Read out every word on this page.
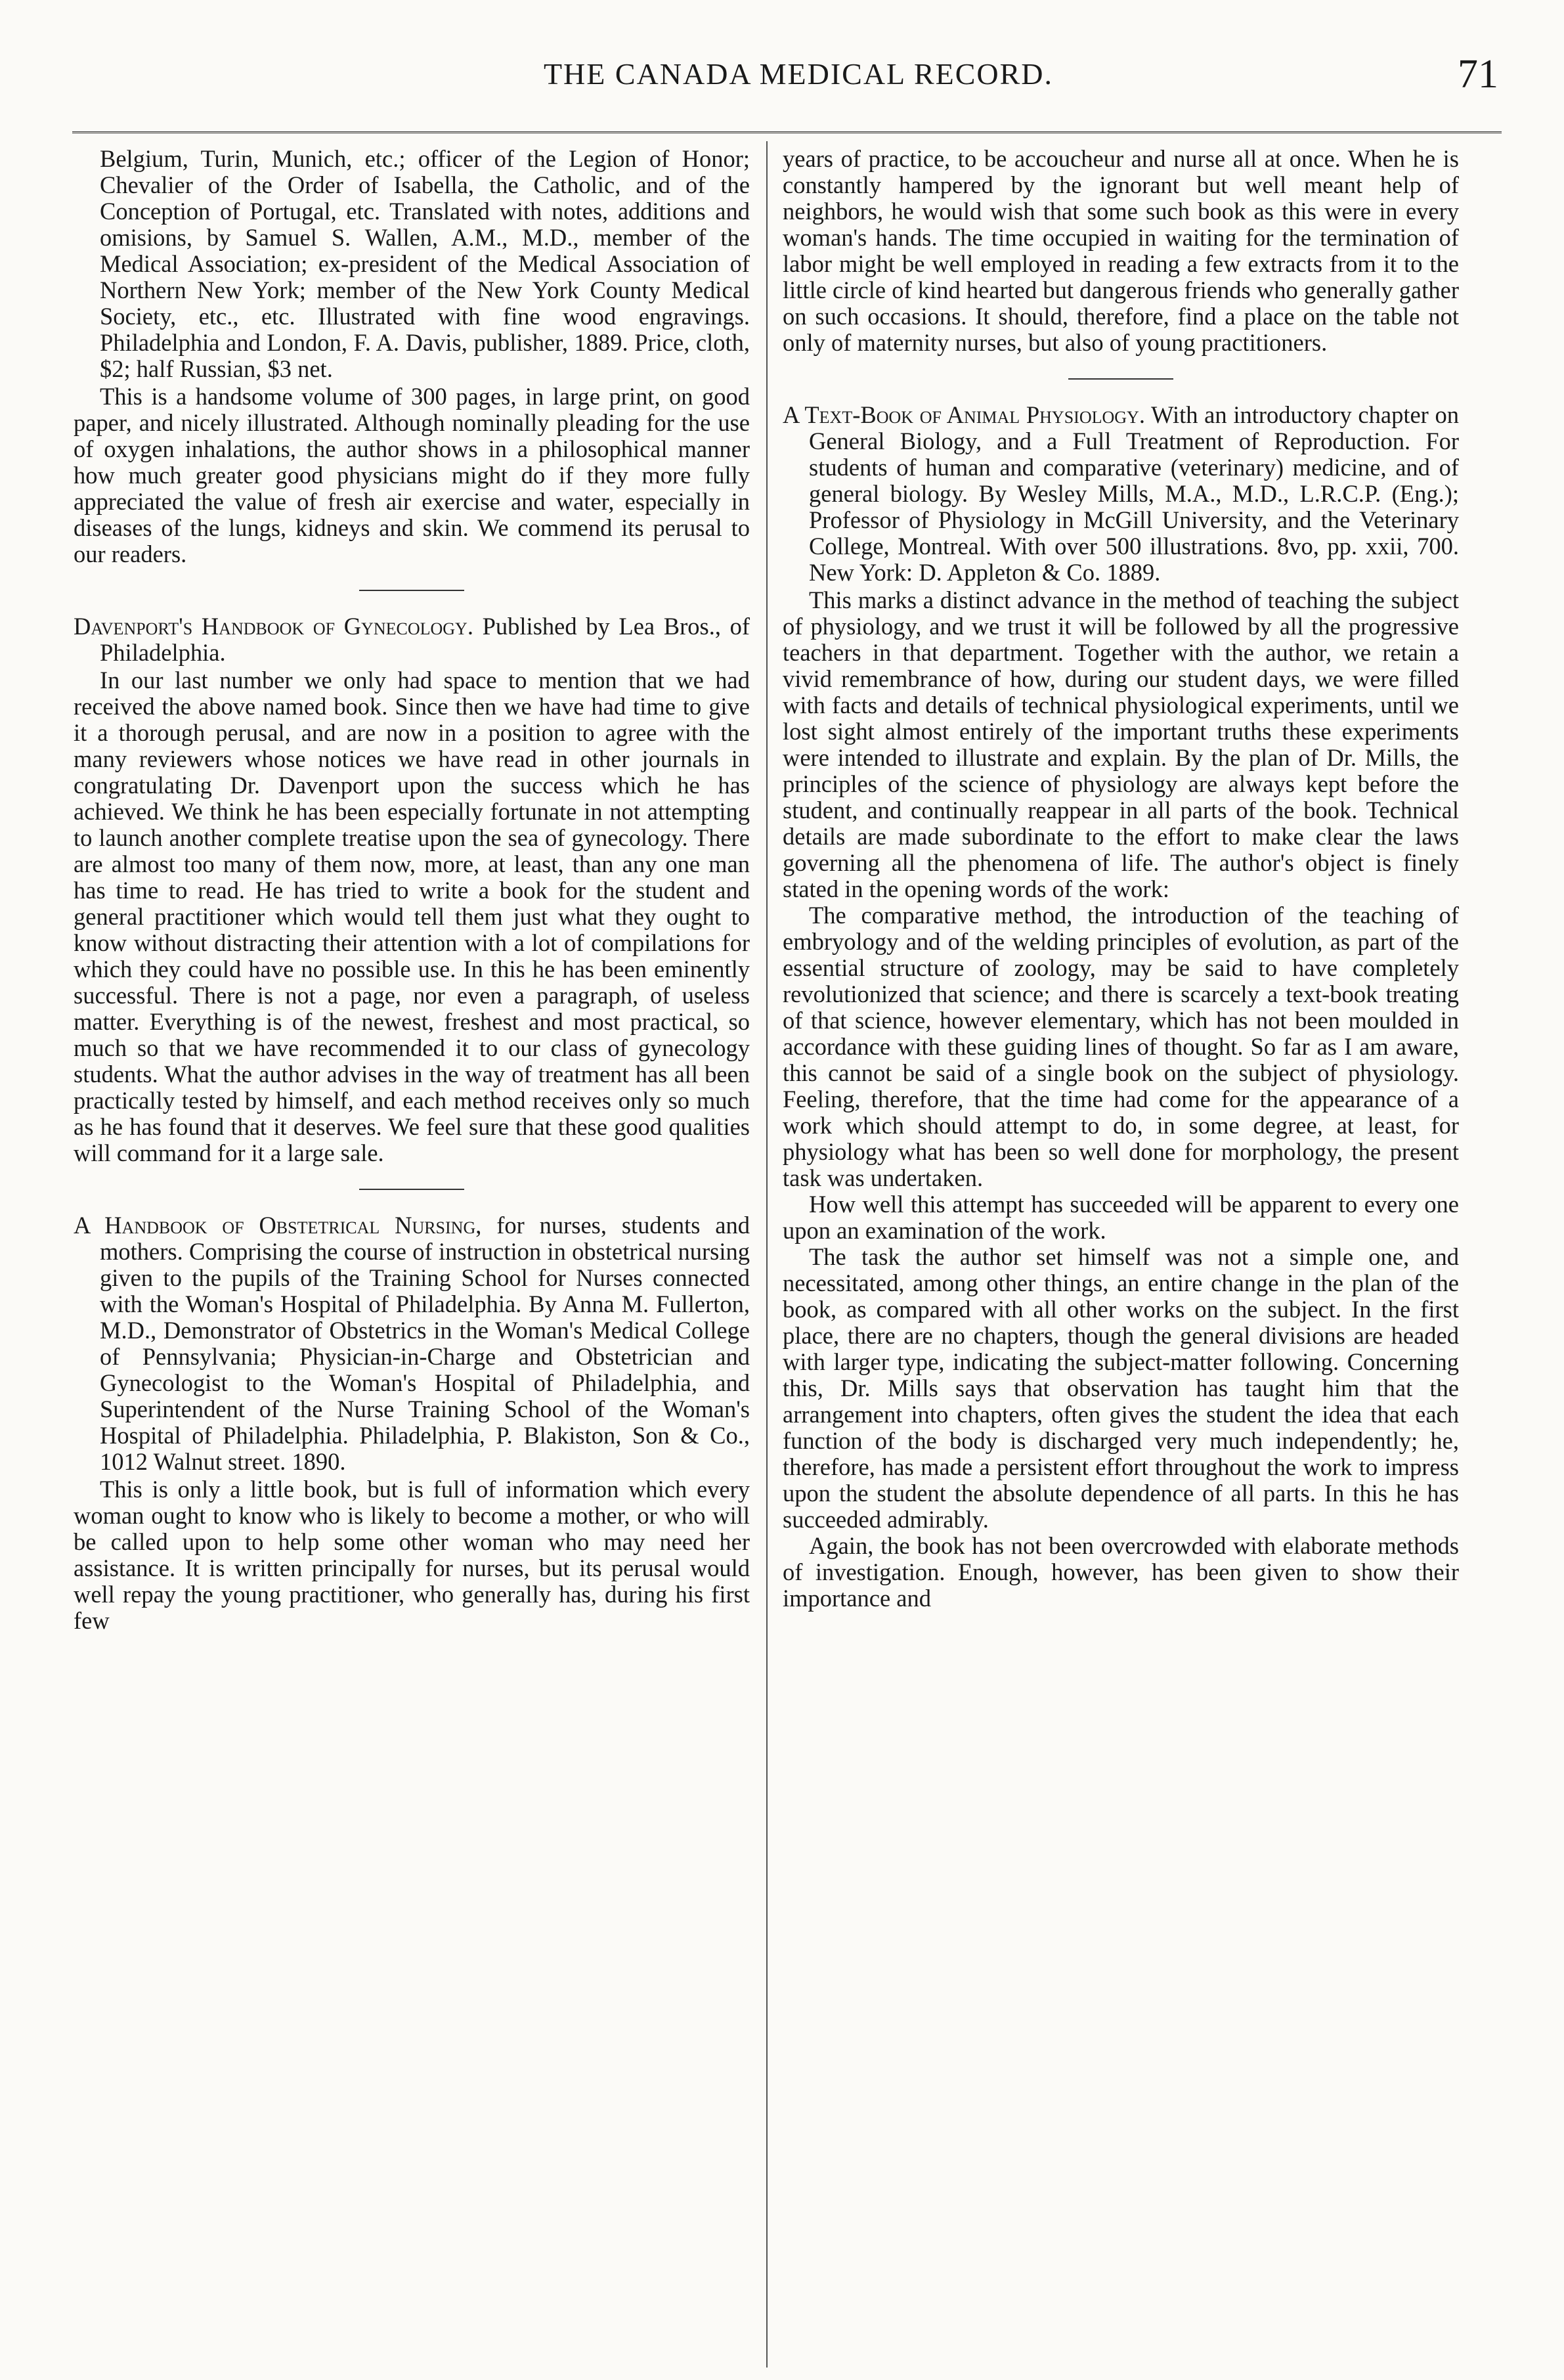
THE CANADA MEDICAL RECORD.	71

Belgium, Turin, Munich, etc.; officer of the Legion of Honor; Chevalier of the Order of Isabella, the Catholic, and of the Conception of Portugal, etc. Translated with notes, additions and omisions, by Samuel S. Wallen, A.M., M.D., member of the Medical Association; ex-president of the Medical Association of Northern New York; member of the New York County Medical Society, etc., etc. Illustrated with fine wood engravings. Philadelphia and London, F. A. Davis, publisher, 1889. Price, cloth, $2; half Russian, $3 net.

This is a handsome volume of 300 pages, in large print, on good paper, and nicely illustrated. Although nominally pleading for the use of oxygen inhalations, the author shows in a philosophical manner how much greater good physicians might do if they more fully appreciated the value of fresh air exercise and water, especially in diseases of the lungs, kidneys and skin. We commend its perusal to our readers.

Davenport's Handbook of Gynecology. Published by Lea Bros., of Philadelphia.

In our last number we only had space to mention that we had received the above named book. Since then we have had time to give it a thorough perusal, and are now in a position to agree with the many reviewers whose notices we have read in other journals in congratulating Dr. Davenport upon the success which he has achieved. We think he has been especially fortunate in not attempting to launch another complete treatise upon the sea of gynecology. There are almost too many of them now, more, at least, than any one man has time to read. He has tried to write a book for the student and general practitioner which would tell them just what they ought to know without distracting their attention with a lot of compilations for which they could have no possible use. In this he has been eminently successful. There is not a page, nor even a paragraph, of useless matter. Everything is of the newest, freshest and most practical, so much so that we have recommended it to our class of gynecology students. What the author advises in the way of treatment has all been practically tested by himself, and each method receives only so much as he has found that it deserves. We feel sure that these good qualities will command for it a large sale.

A Handbook of Obstetrical Nursing, for nurses, students and mothers. Comprising the course of instruction in obstetrical nursing given to the pupils of the Training School for Nurses connected with the Woman's Hospital of Philadelphia. By Anna M. Fullerton, M.D., Demonstrator of Obstetrics in the Woman's Medical College of Pennsylvania; Physician-in-Charge and Obstetrician and Gynecologist to the Woman's Hospital of Philadelphia, and Superintendent of the Nurse Training School of the Woman's Hospital of Philadelphia. Philadelphia, P. Blakiston, Son & Co., 1012 Walnut street. 1890.

This is only a little book, but is full of information which every woman ought to know who is likely to become a mother, or who will be called upon to help some other woman who may need her assistance. It is written principally for nurses, but its perusal would well repay the young practitioner, who generally has, during his first few

years of practice, to be accoucheur and nurse all at once. When he is constantly hampered by the ignorant but well meant help of neighbors, he would wish that some such book as this were in every woman's hands. The time occupied in waiting for the termination of labor might be well employed in reading a few extracts from it to the little circle of kind hearted but dangerous friends who generally gather on such occasions. It should, therefore, find a place on the table not only of maternity nurses, but also of young practitioners.

A Text-Book of Animal Physiology. With an introductory chapter on General Biology, and a Full Treatment of Reproduction. For students of human and comparative (veterinary) medicine, and of general biology. By Wesley Mills, M.A., M.D., L.R.C.P. (Eng.); Professor of Physiology in McGill University, and the Veterinary College, Montreal. With over 500 illustrations. 8vo, pp. xxii, 700. New York: D. Appleton & Co. 1889.

This marks a distinct advance in the method of teaching the subject of physiology, and we trust it will be followed by all the progressive teachers in that department. Together with the author, we retain a vivid remembrance of how, during our student days, we were filled with facts and details of technical physiological experiments, until we lost sight almost entirely of the important truths these experiments were intended to illustrate and explain. By the plan of Dr. Mills, the principles of the science of physiology are always kept before the student, and continually reappear in all parts of the book. Technical details are made subordinate to the effort to make clear the laws governing all the phenomena of life. The author's object is finely stated in the opening words of the work:

The comparative method, the introduction of the teaching of embryology and of the welding principles of evolution, as part of the essential structure of zoology, may be said to have completely revolutionized that science; and there is scarcely a text-book treating of that science, however elementary, which has not been moulded in accordance with these guiding lines of thought. So far as I am aware, this cannot be said of a single book on the subject of physiology. Feeling, therefore, that the time had come for the appearance of a work which should attempt to do, in some degree, at least, for physiology what has been so well done for morphology, the present task was undertaken.

How well this attempt has succeeded will be apparent to every one upon an examination of the work.

The task the author set himself was not a simple one, and necessitated, among other things, an entire change in the plan of the book, as compared with all other works on the subject. In the first place, there are no chapters, though the general divisions are headed with larger type, indicating the subject-matter following. Concerning this, Dr. Mills says that observation has taught him that the arrangement into chapters, often gives the student the idea that each function of the body is discharged very much independently; he, therefore, has made a persistent effort throughout the work to impress upon the student the absolute dependence of all parts. In this he has succeeded admirably.

Again, the book has not been overcrowded with elaborate methods of investigation. Enough, however, has been given to show their importance and
